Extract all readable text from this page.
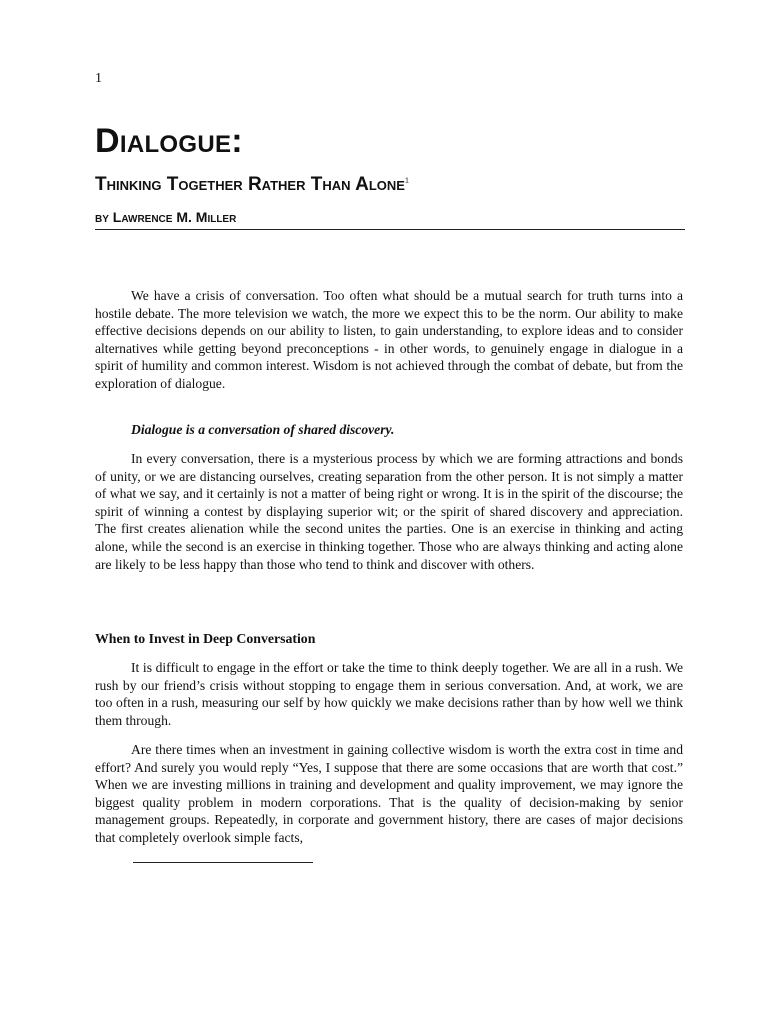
1
Dialogue:
Thinking Together Rather Than Alone$^1$
by Lawrence M. Miller

We have a crisis of conversation. Too often what should be a mutual search for truth turns into a hostile debate. The more television we watch, the more we expect this to be the norm. Our ability to make effective decisions depends on our ability to listen, to gain understanding, to explore ideas and to consider alternatives while getting beyond preconceptions - in other words, to genuinely engage in dialogue in a spirit of humility and common interest. Wisdom is not achieved through the combat of debate, but from the exploration of dialogue.

Dialogue is a conversation of shared discovery.

In every conversation, there is a mysterious process by which we are forming attractions and bonds of unity, or we are distancing ourselves, creating separation from the other person. It is not simply a matter of what we say, and it certainly is not a matter of being right or wrong. It is in the spirit of the discourse; the spirit of winning a contest by displaying superior wit; or the spirit of shared discovery and appreciation. The first creates alienation while the second unites the parties. One is an exercise in thinking and acting alone, while the second is an exercise in thinking together. Those who are always thinking and acting alone are likely to be less happy than those who tend to think and discover with others.

When to Invest in Deep Conversation

It is difficult to engage in the effort or take the time to think deeply together. We are all in a rush. We rush by our friend’s crisis without stopping to engage them in serious conversation. And, at work, we are too often in a rush, measuring our self by how quickly we make decisions rather than by how well we think them through.

Are there times when an investment in gaining collective wisdom is worth the extra cost in time and effort? And surely you would reply “Yes, I suppose that there are some occasions that are worth that cost.” When we are investing millions in training and development and quality improvement, we may ignore the biggest quality problem in modern corporations. That is the quality of decision-making by senior management groups. Repeatedly, in corporate and government history, there are cases of major decisions that completely overlook simple facts,
